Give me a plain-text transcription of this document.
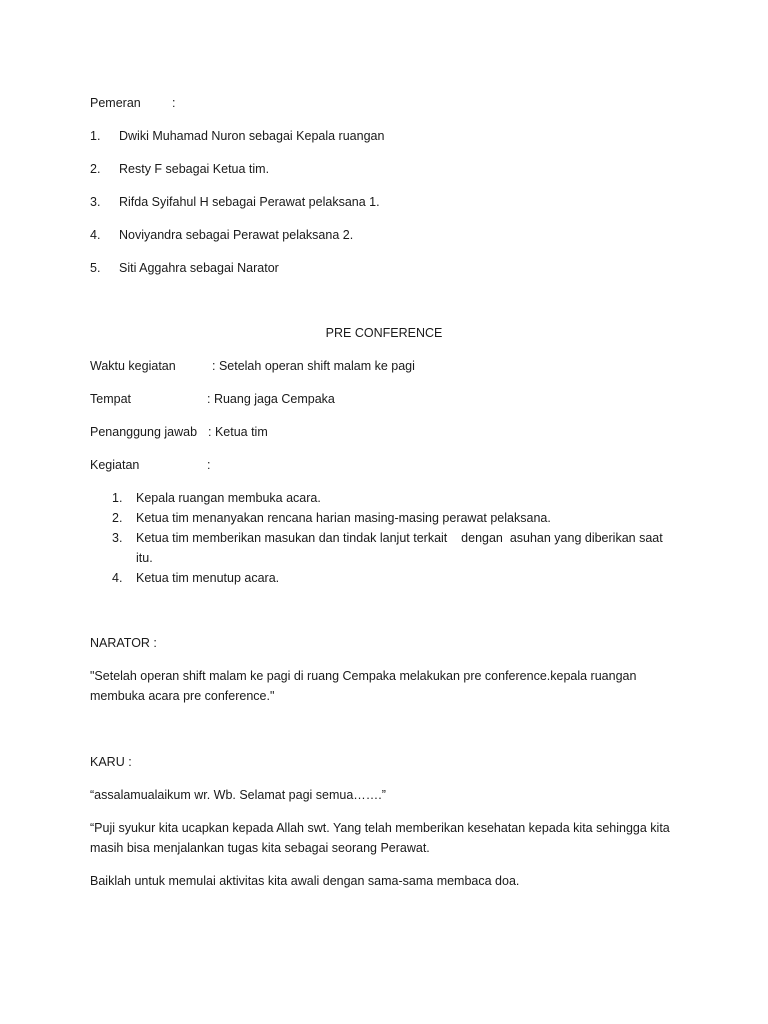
Pemeran	:
1. Dwiki Muhamad Nuron sebagai Kepala ruangan
2. Resty F sebagai Ketua tim.
3. Rifda Syifahul H sebagai Perawat pelaksana 1.
4. Noviyandra sebagai Perawat pelaksana 2.
5. Siti Aggahra sebagai Narator
PRE CONFERENCE
Waktu kegiatan	: Setelah operan shift malam ke pagi
Tempat	: Ruang jaga Cempaka
Penanggung jawab : Ketua tim
Kegiatan	:
1. Kepala ruangan membuka acara.
2. Ketua tim menanyakan rencana harian masing-masing perawat pelaksana.
3. Ketua tim memberikan masukan dan tindak lanjut terkait    dengan  asuhan yang diberikan saat itu.
4. Ketua tim menutup acara.
NARATOR :
"Setelah operan shift malam ke pagi di ruang Cempaka melakukan pre conference.kepala ruangan membuka acara pre conference."
KARU :
“assalamualaikum wr. Wb. Selamat pagi semua…….”
“Puji syukur kita ucapkan kepada Allah swt. Yang telah memberikan kesehatan kepada kita sehingga kita masih bisa menjalankan tugas kita sebagai seorang Perawat.
Baiklah untuk memulai aktivitas kita awali dengan sama-sama membaca doa.
